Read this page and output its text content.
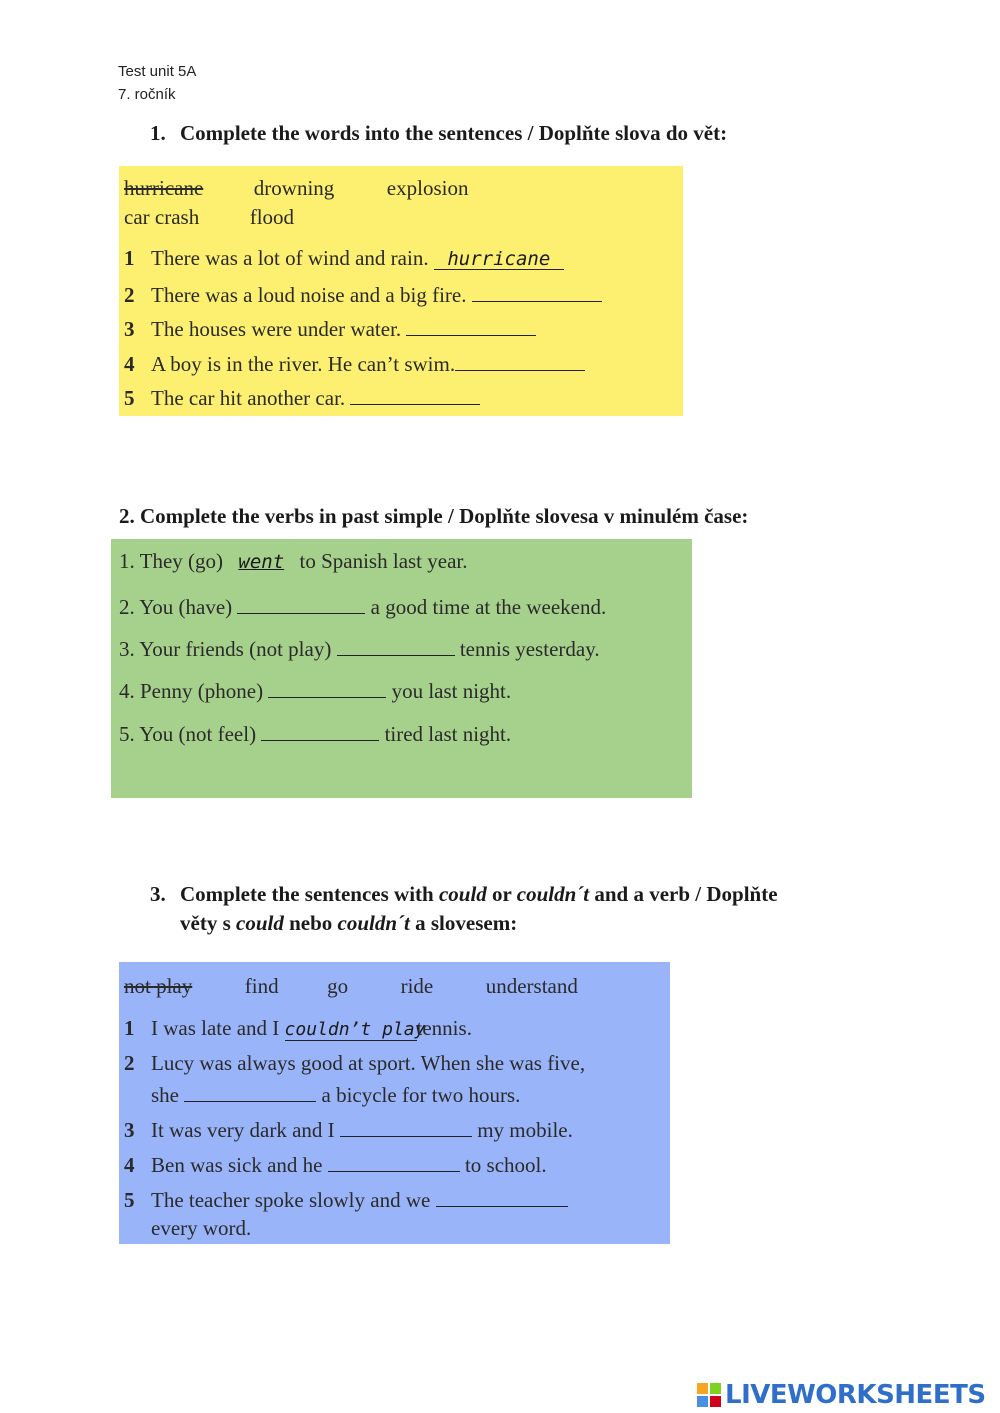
Test unit 5A
7. ročník
1. Complete the words into the sentences / Doplňte slova do vět:
hurricane drowning	explosion
car crash flood
1 There was a lot of wind and rain. hurricane
2 There was a loud noise and a big fire.
3 The houses were under water.
4 A boy is in the river. He can’t swim.
5 The car hit another car.
2. Complete the verbs in past simple / Doplňte slovesa v minulém čase:
1. They (go) went to Spanish last year.
2. You (have)	a good time at the weekend.
3. Your friends (not play)	tennis yesterday.
4. Penny (phone)	you last night.
5. You (not feel)	tired last night.
3. Complete the sentences with could or couldn´t and a verb / Doplňte
věty s could nebo couldn´t a slovesem:
not play	find go	ride	understand
1 I was late and I couldn’t playtennis.
2 Lucy was always good at sport. When she was five,
she	a bicycle for two hours.
3 It was very dark and I	my mobile.
4 Ben was sick and he	to school.
5 The teacher spoke slowly and we
every word.
LIVEWORKSHEETS
